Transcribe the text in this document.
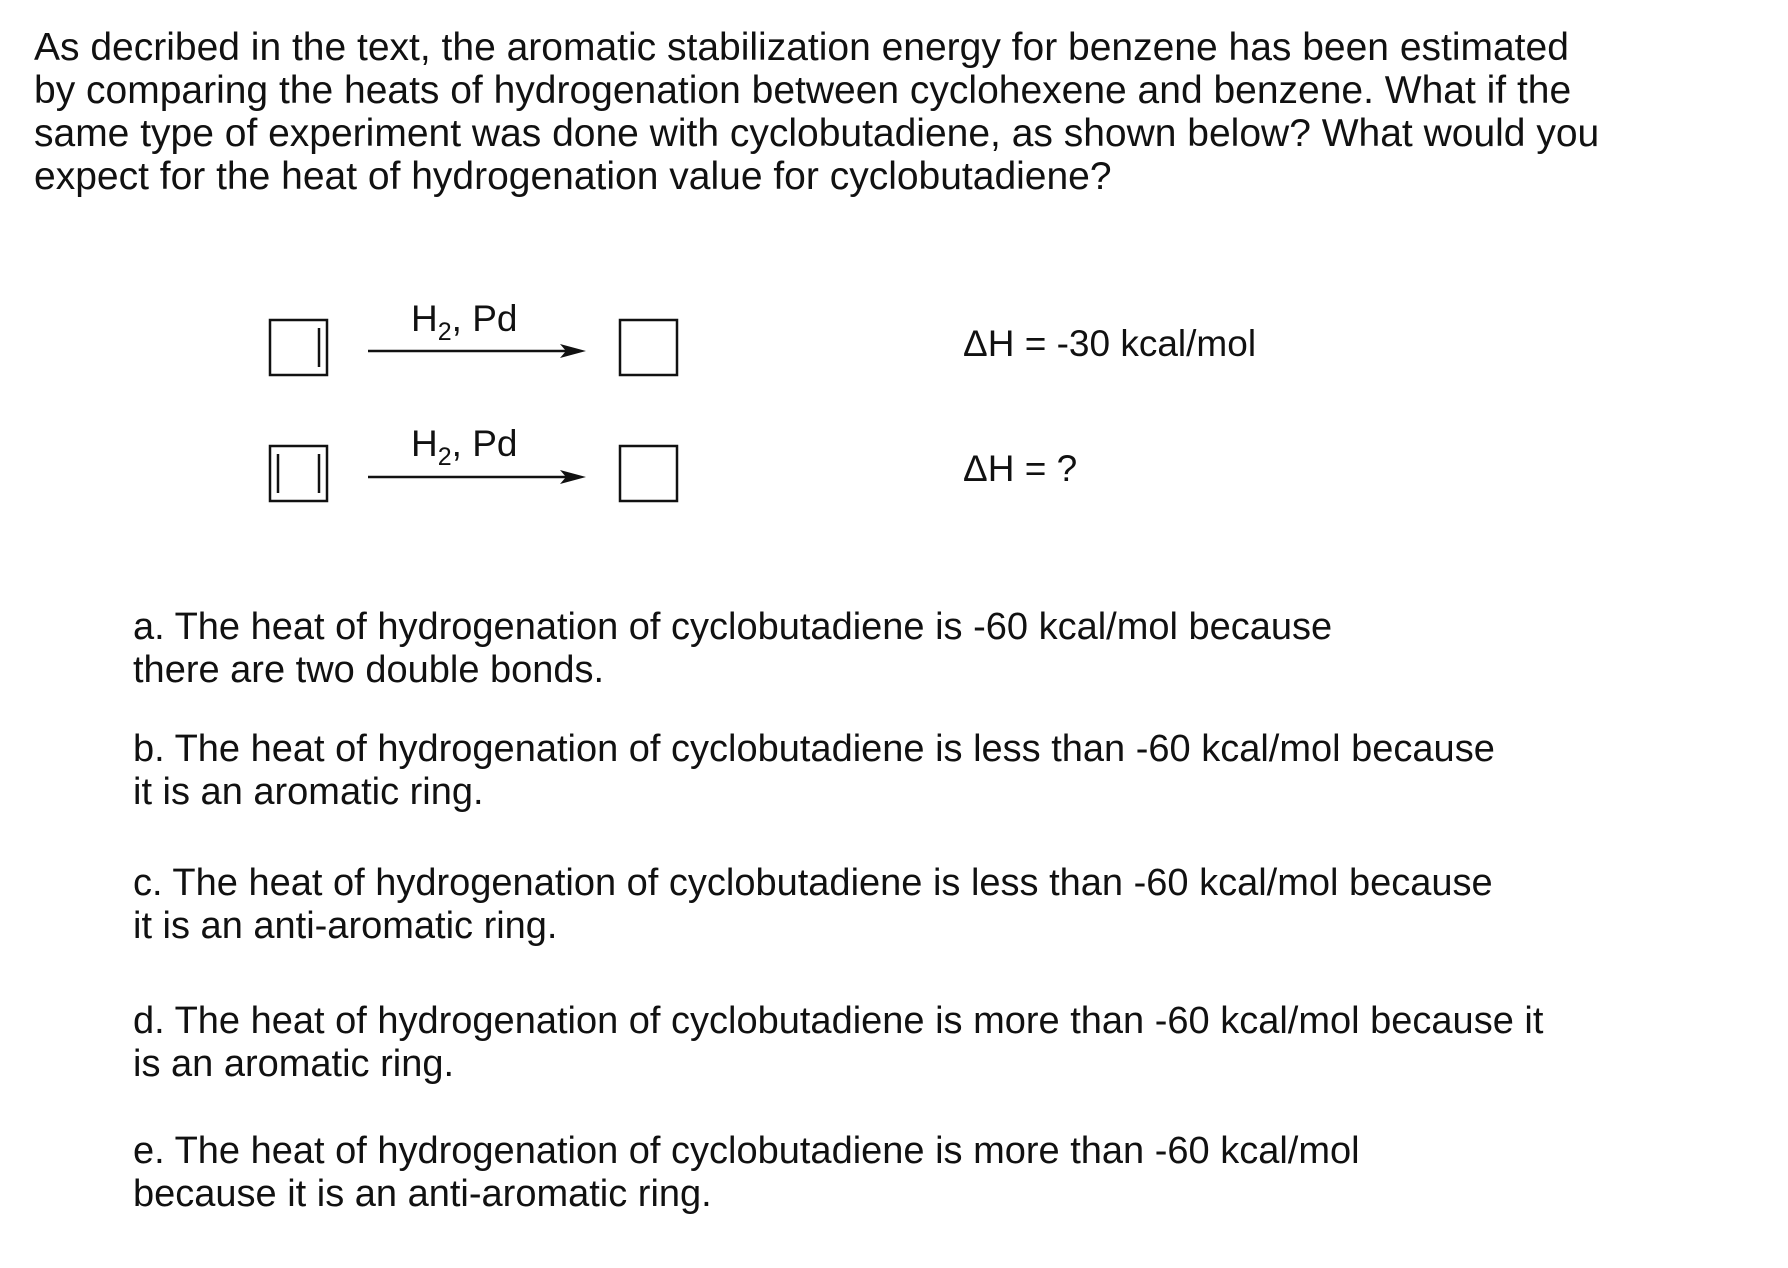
As decribed in the text, the aromatic stabilization energy for benzene has been estimated
by comparing the heats of hydrogenation between cyclohexene and benzene. What if the
same type of experiment was done with cyclobutadiene, as shown below? What would you
expect for the heat of hydrogenation value for cyclobutadiene?
$H_2$, Pd
$H_2$, Pd
ΔH = -30 kcal/mol
ΔH = ?
a. The heat of hydrogenation of cyclobutadiene is -60 kcal/mol because
there are two double bonds.
b. The heat of hydrogenation of cyclobutadiene is less than -60 kcal/mol because
it is an aromatic ring.
c. The heat of hydrogenation of cyclobutadiene is less than -60 kcal/mol because
it is an anti-aromatic ring.
d. The heat of hydrogenation of cyclobutadiene is more than -60 kcal/mol because it
is an aromatic ring.
e. The heat of hydrogenation of cyclobutadiene is more than -60 kcal/mol
because it is an anti-aromatic ring.
